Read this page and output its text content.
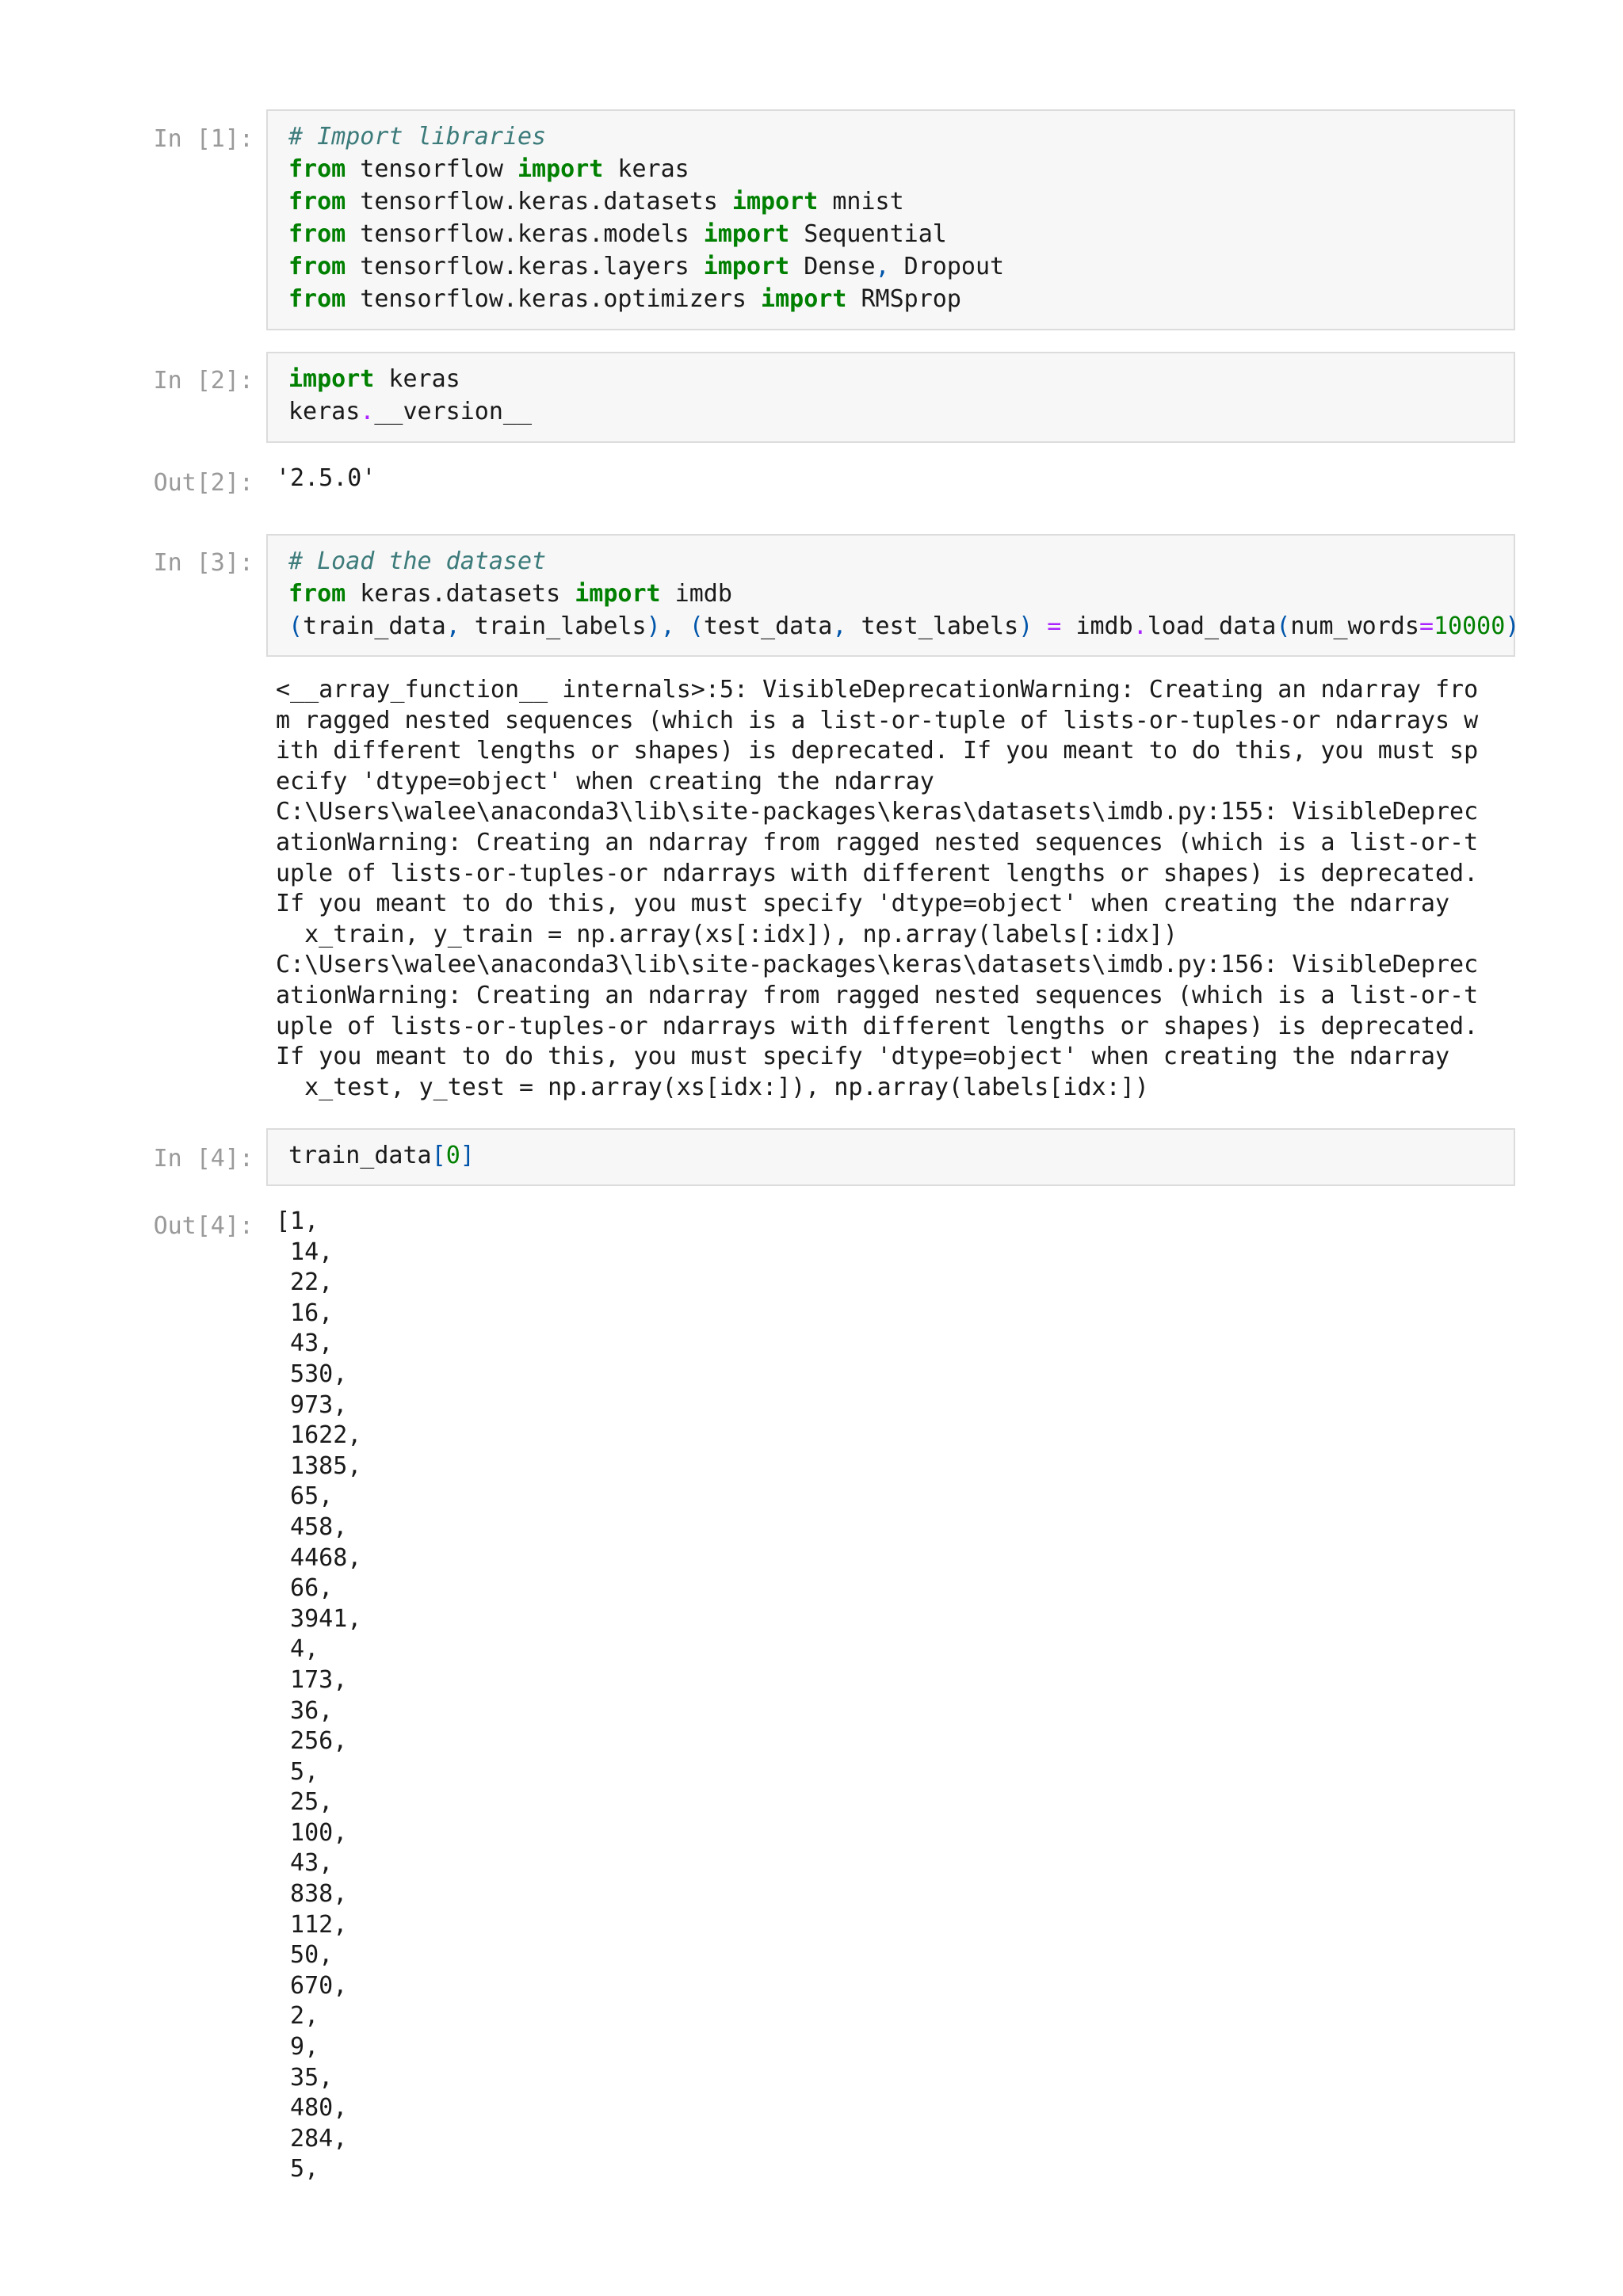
In [1]: # Import libraries
from tensorflow import keras
from tensorflow.keras.datasets import mnist
from tensorflow.keras.models import Sequential
from tensorflow.keras.layers import Dense, Dropout
from tensorflow.keras.optimizers import RMSprop
In [2]: import keras
keras.__version__
Out[2]: '2.5.0'
In [3]: # Load the dataset
from keras.datasets import imdb
(train_data, train_labels), (test_data, test_labels) = imdb.load_data(num_words=10000)
<__array_function__ internals>:5: VisibleDeprecationWarning: Creating an ndarray fro
m ragged nested sequences (which is a list-or-tuple of lists-or-tuples-or ndarrays w
ith different lengths or shapes) is deprecated. If you meant to do this, you must sp
ecify 'dtype=object' when creating the ndarray
C:\Users\walee\anaconda3\lib\site-packages\keras\datasets\imdb.py:155: VisibleDeprec
ationWarning: Creating an ndarray from ragged nested sequences (which is a list-or-t
uple of lists-or-tuples-or ndarrays with different lengths or shapes) is deprecated.
If you meant to do this, you must specify 'dtype=object' when creating the ndarray
x_train, y_train = np.array(xs[:idx]), np.array(labels[:idx])
C:\Users\walee\anaconda3\lib\site-packages\keras\datasets\imdb.py:156: VisibleDeprec
ationWarning: Creating an ndarray from ragged nested sequences (which is a list-or-t
uple of lists-or-tuples-or ndarrays with different lengths or shapes) is deprecated.
If you meant to do this, you must specify 'dtype=object' when creating the ndarray
x_test, y_test = np.array(xs[idx:]), np.array(labels[idx:])
In [4]: train_data[0]
Out[4]: [1,
14,
22,
16,
43,
530,
973,
1622,
1385,
65,
458,
4468,
66,
3941,
4,
173,
36,
256,
5,
25,
100,
43,
838,
112,
50,
670,
2,
9,
35,
480,
284,
5,
